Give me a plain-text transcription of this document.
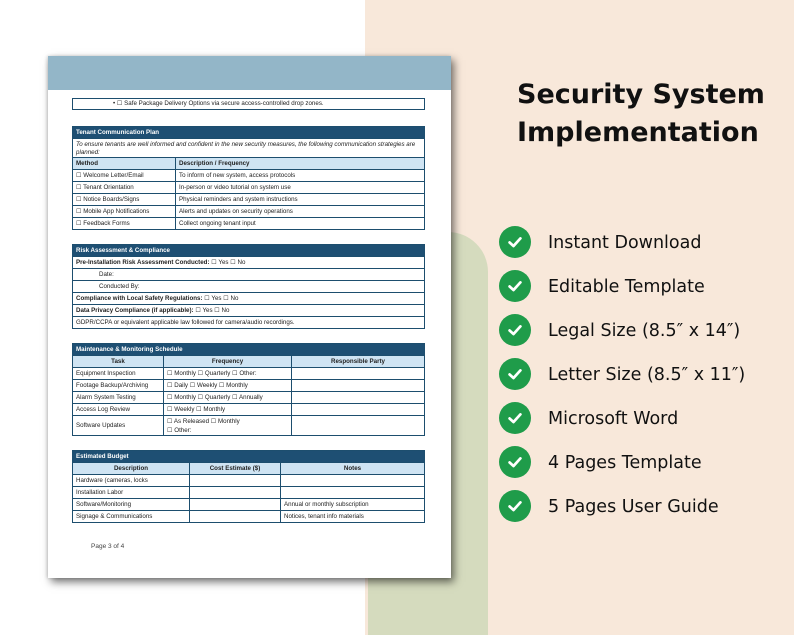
• ☐ Safe Package Delivery Options via secure access-controlled drop zones.
Tenant Communication Plan	
To ensure tenants are well informed and confident in the new security measures, the following communication strategies are planned:	
Method	Description / Frequency
☐ Welcome Letter/Email	To inform of new system, access protocols
☐ Tenant Orientation	In-person or video tutorial on system use
☐ Notice Boards/Signs	Physical reminders and system instructions
☐ Mobile App Notifications	Alerts and updates on security operations
☐ Feedback Forms	Collect ongoing tenant input
Risk Assessment & Compliance
Pre-Installation Risk Assessment Conducted: ☐ Yes ☐ No
Date:
Conducted By:
Compliance with Local Safety Regulations: ☐ Yes ☐ No
Data Privacy Compliance (if applicable): ☐ Yes ☐ No
GDPR/CCPA or equivalent applicable law followed for camera/audio recordings.
Maintenance & Monitoring Schedule		
Task	Frequency	Responsible Party
Equipment Inspection	☐ Monthly ☐ Quarterly ☐ Other:	
Footage Backup/Archiving	☐ Daily ☐ Weekly ☐ Monthly	
Alarm System Testing	☐ Monthly ☐ Quarterly ☐ Annually	
Access Log Review	☐ Weekly ☐ Monthly	
Software Updates	☐ As Released ☐ Monthly
☐ Other:	

Estimated Budget		
Description	Cost Estimate ($)	Notes
Hardware (cameras, locks		
Installation Labor		
Software/Monitoring		Annual or monthly subscription
Signage & Communications		Notices, tenant info materials
Page 3 of 4
Security System
Implementation
Instant Download
Editable Template
Legal Size (8.5″ x 14″)
Letter Size (8.5″ x 11″)
Microsoft Word
4 Pages Template
5 Pages User Guide
